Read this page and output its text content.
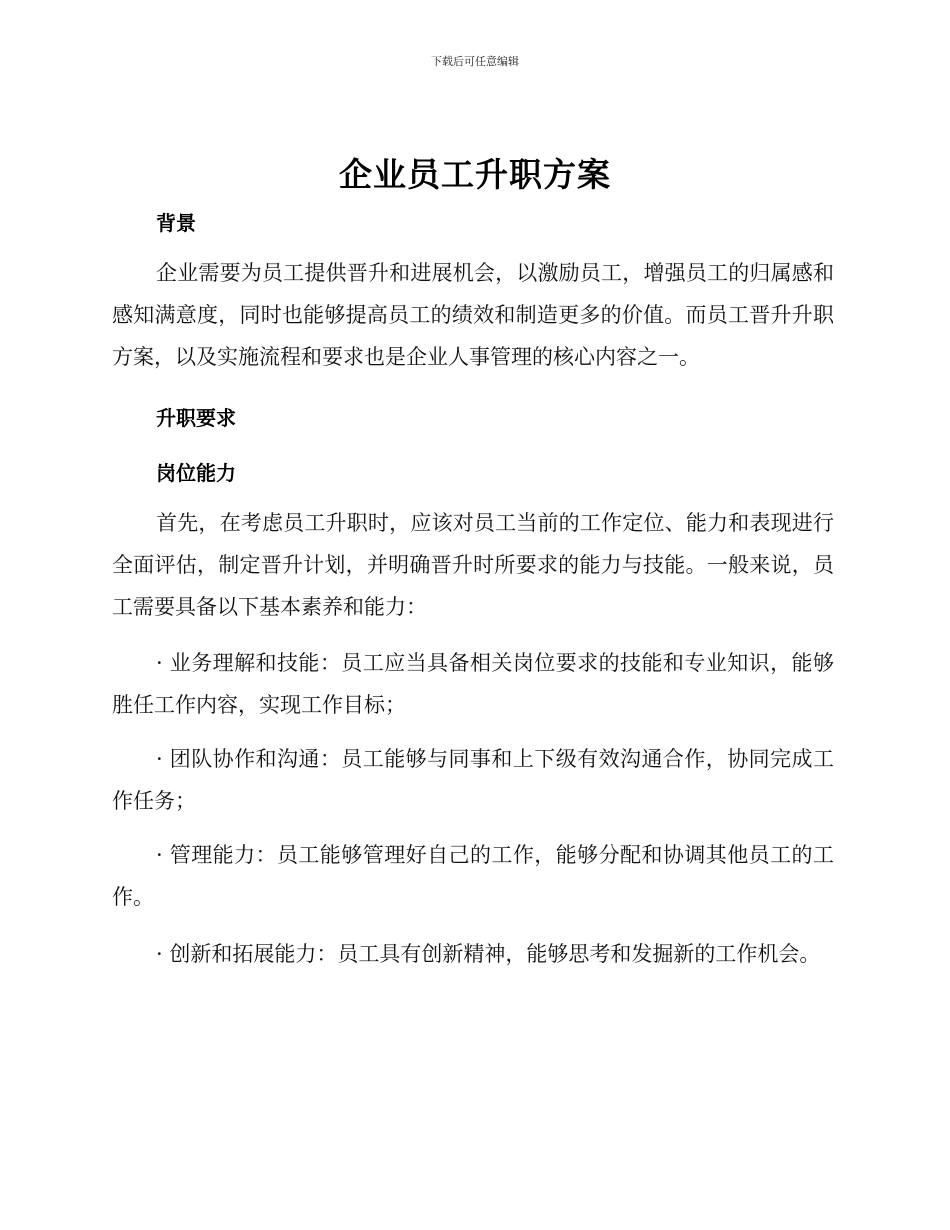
下载后可任意编辑
企业员工升职方案
背景
企业需要为员工提供晋升和进展机会，以激励员工，增强员工的归属感和感知满意度，同时也能够提高员工的绩效和制造更多的价值。而员工晋升升职方案，以及实施流程和要求也是企业人事管理的核心内容之一。
升职要求
岗位能力
首先，在考虑员工升职时，应该对员工当前的工作定位、能力和表现进行全面评估，制定晋升计划，并明确晋升时所要求的能力与技能。一般来说，员工需要具备以下基本素养和能力：
· 业务理解和技能：员工应当具备相关岗位要求的技能和专业知识，能够胜任工作内容，实现工作目标；
· 团队协作和沟通：员工能够与同事和上下级有效沟通合作，协同完成工作任务；
· 管理能力：员工能够管理好自己的工作，能够分配和协调其他员工的工作。
· 创新和拓展能力：员工具有创新精神，能够思考和发掘新的工作机会。
